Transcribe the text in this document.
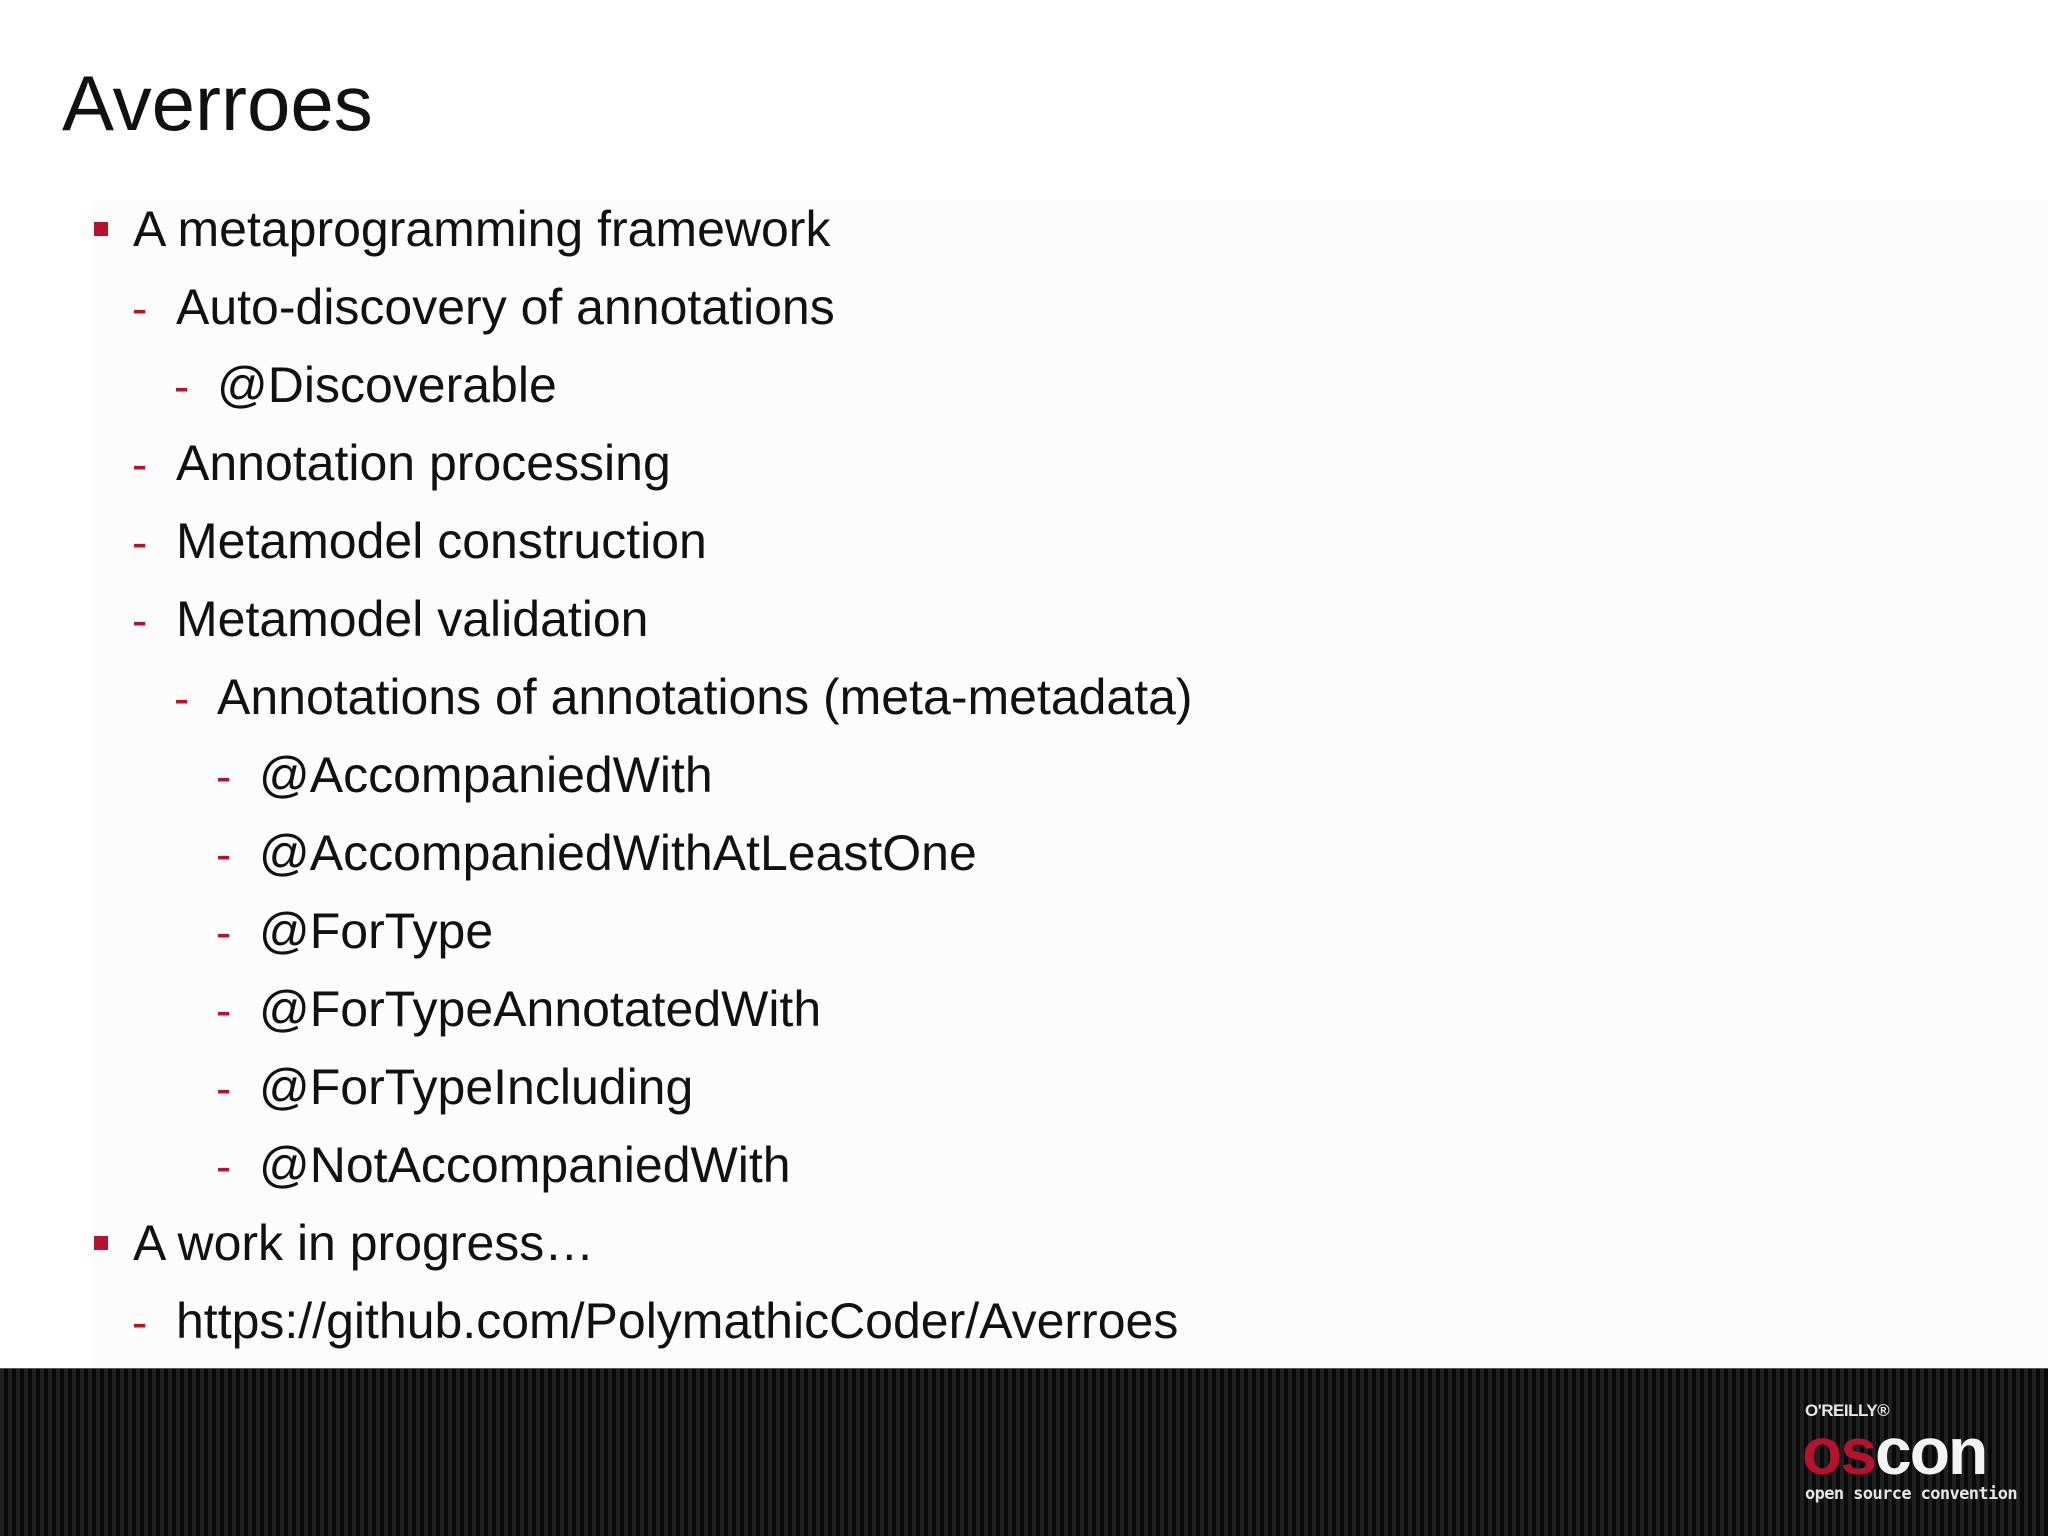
Averroes
A metaprogramming framework
- Auto-discovery of annotations
- @Discoverable
- Annotation processing
- Metamodel construction
- Metamodel validation
- Annotations of annotations (meta-metadata)
- @AccompaniedWith
- @AccompaniedWithAtLeastOne
- @ForType
- @ForTypeAnnotatedWith
- @ForTypeIncluding
- @NotAccompaniedWith
A work in progress…
- https://github.com/PolymathicCoder/Averroes
O'REILLY®
oscon
open source convention
